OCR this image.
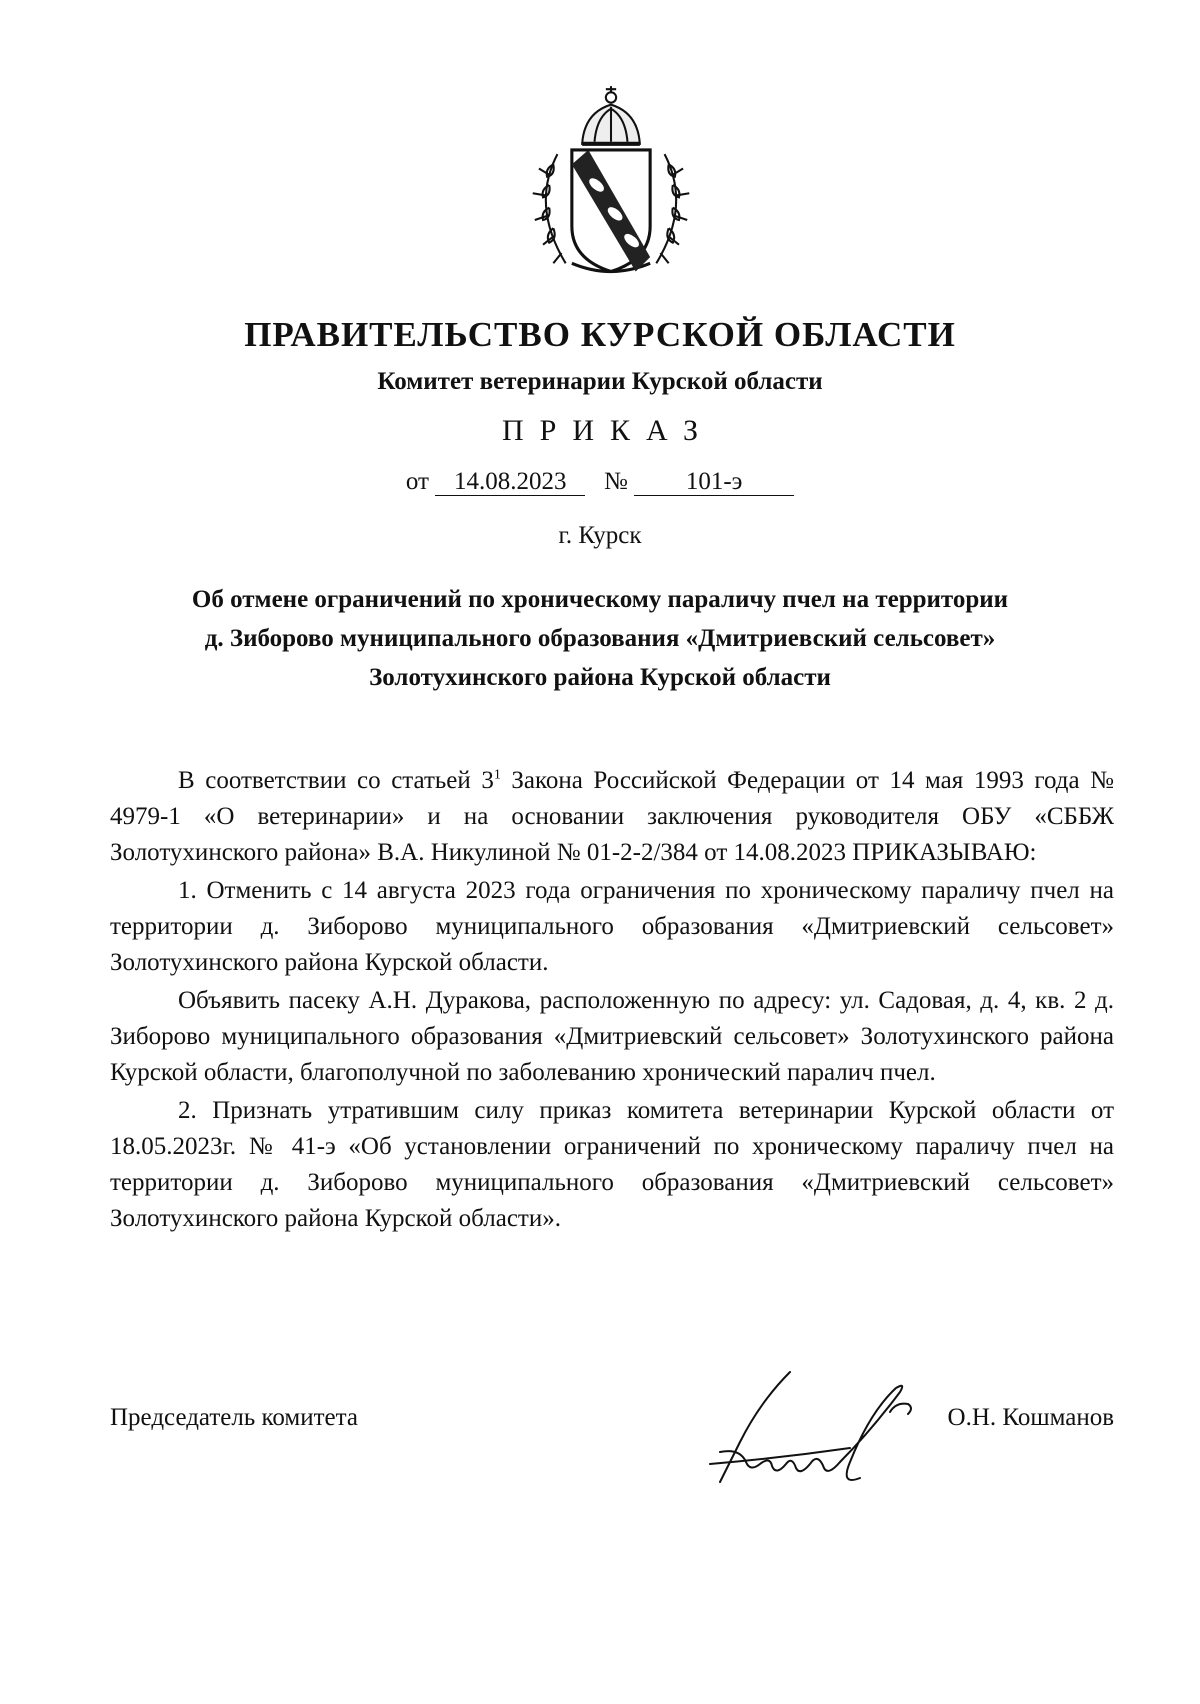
ПРАВИТЕЛЬСТВО КУРСКОЙ ОБЛАСТИ
Комитет ветеринарии Курской области
ПРИКАЗ
от 14.08.2023 № 101-э
г. Курск
Об отмене ограничений по хроническому параличу пчел на территории
д. Зиборово муниципального образования «Дмитриевский сельсовет»
Золотухинского района Курской области

В соответствии со статьей $3^1$ Закона Российской Федерации от 14 мая 1993 года № 4979-1 «О ветеринарии» и на основании заключения руководителя ОБУ «СББЖ Золотухинского района» В.А. Никулиной № 01-2-2/384 от 14.08.2023 ПРИКАЗЫВАЮ:

1. Отменить с 14 августа 2023 года ограничения по хроническому параличу пчел на территории д. Зиборово муниципального образования «Дмитриевский сельсовет» Золотухинского района Курской области.

Объявить пасеку А.Н. Дуракова, расположенную по адресу: ул. Садовая, д. 4, кв. 2 д. Зиборово муниципального образования «Дмитриевский сельсовет» Золотухинского района Курской области, благополучной по заболеванию хронический паралич пчел.

2. Признать утратившим силу приказ комитета ветеринарии Курской области от 18.05.2023г. № 41-э «Об установлении ограничений по хроническому параличу пчел на территории д. Зиборово муниципального образования «Дмитриевский сельсовет» Золотухинского района Курской области».

Председатель комитета	О.Н. Кошманов
